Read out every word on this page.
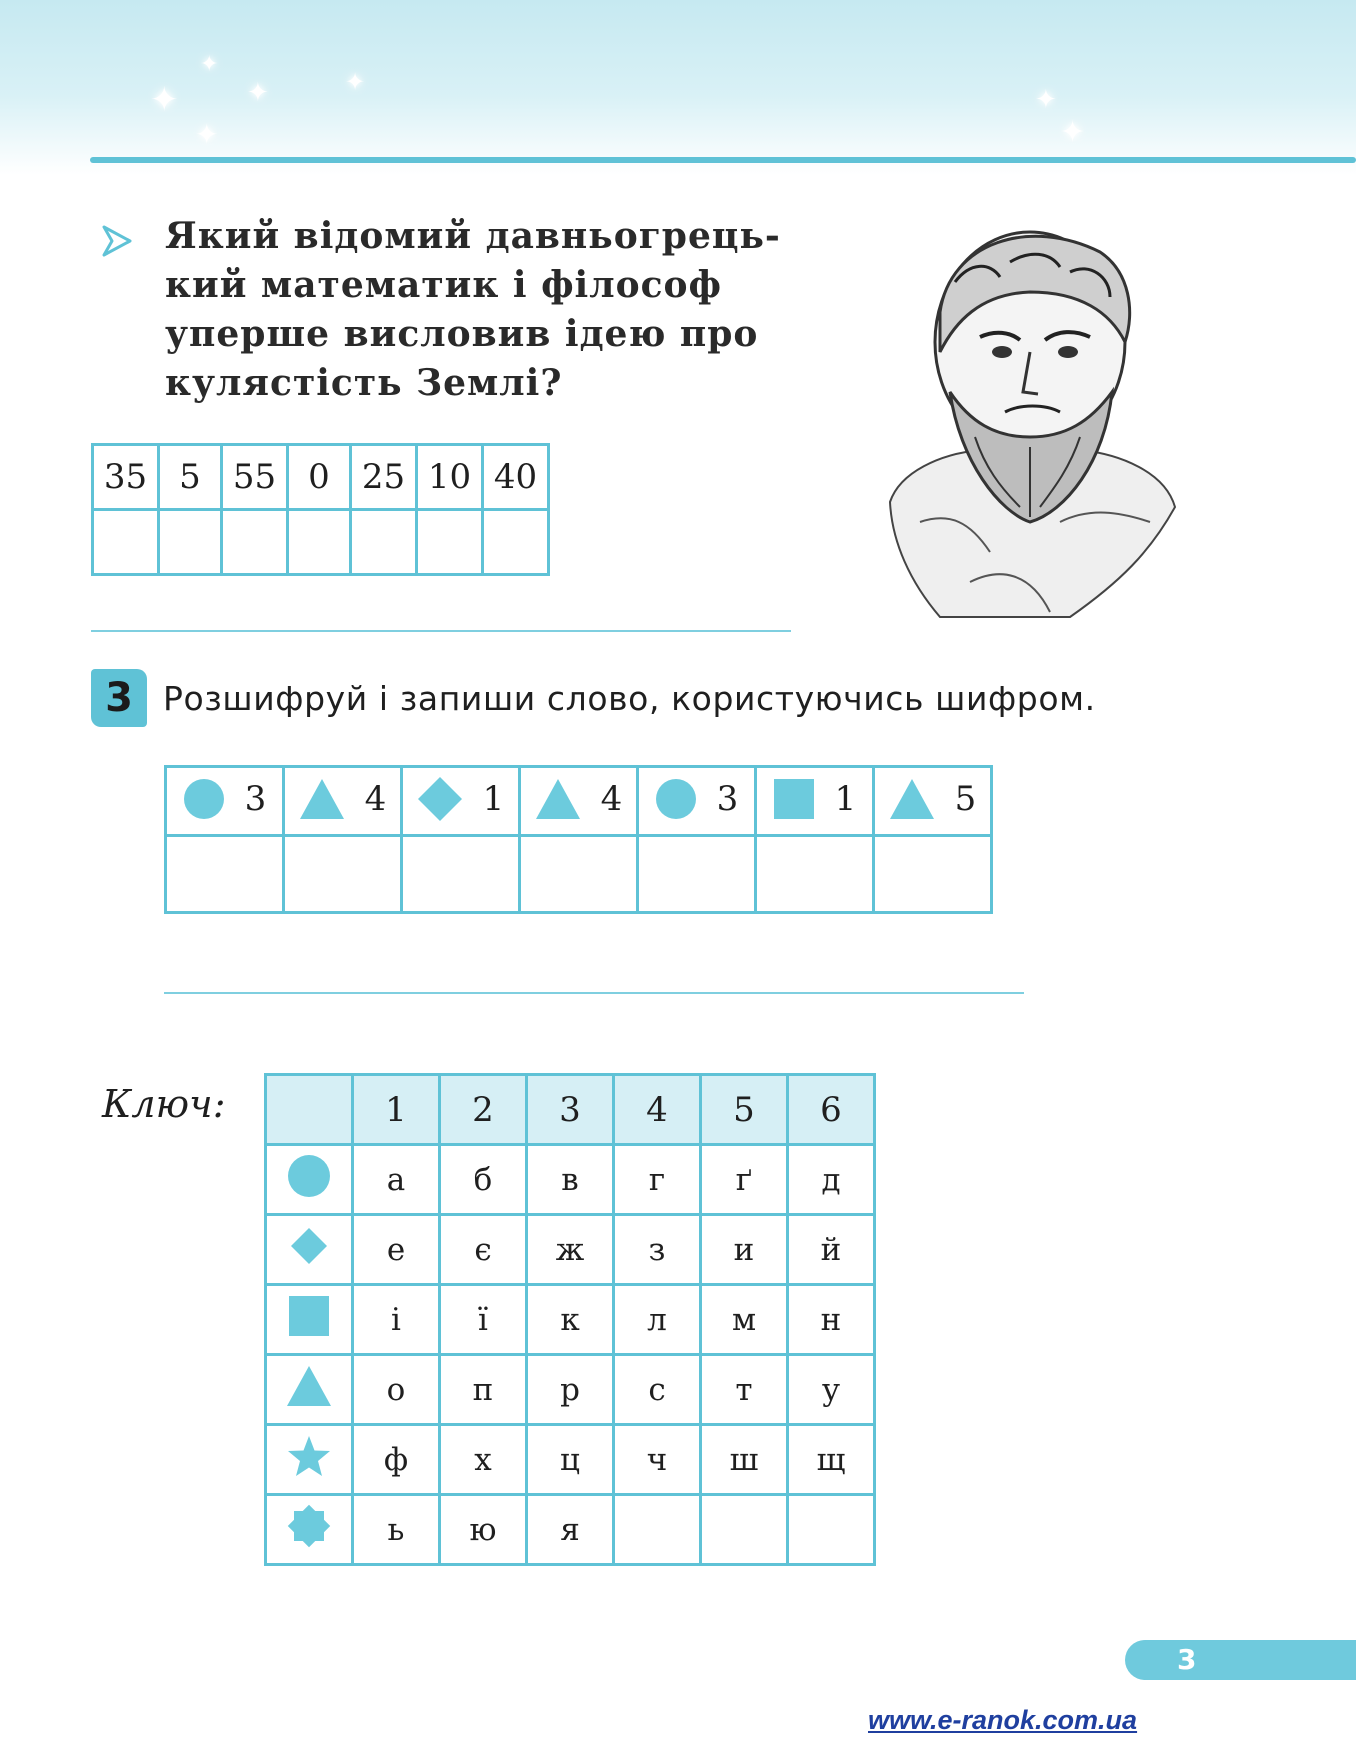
✦
✦
✦	✦
✦
✦
✦
Який відомий давньогрець-
кий математик і філософ
уперше висловив ідею про
кулястість Землі?
35	5	55	0	25	10	40

3 Розшифруй і запиши слово, користуючись шифром.
3	4	1	4	3	1	5

Ключ:
		1	2	3	4	5	6
	а	б	в	г	ґ	д
	е	є	ж	з	и	й
	і	ї	к	л	м	н
	о	п	р	с	т	у
	ф	х	ц	ч	ш	щ
	ь	ю	я			
3
www.e-ranok.com.ua
